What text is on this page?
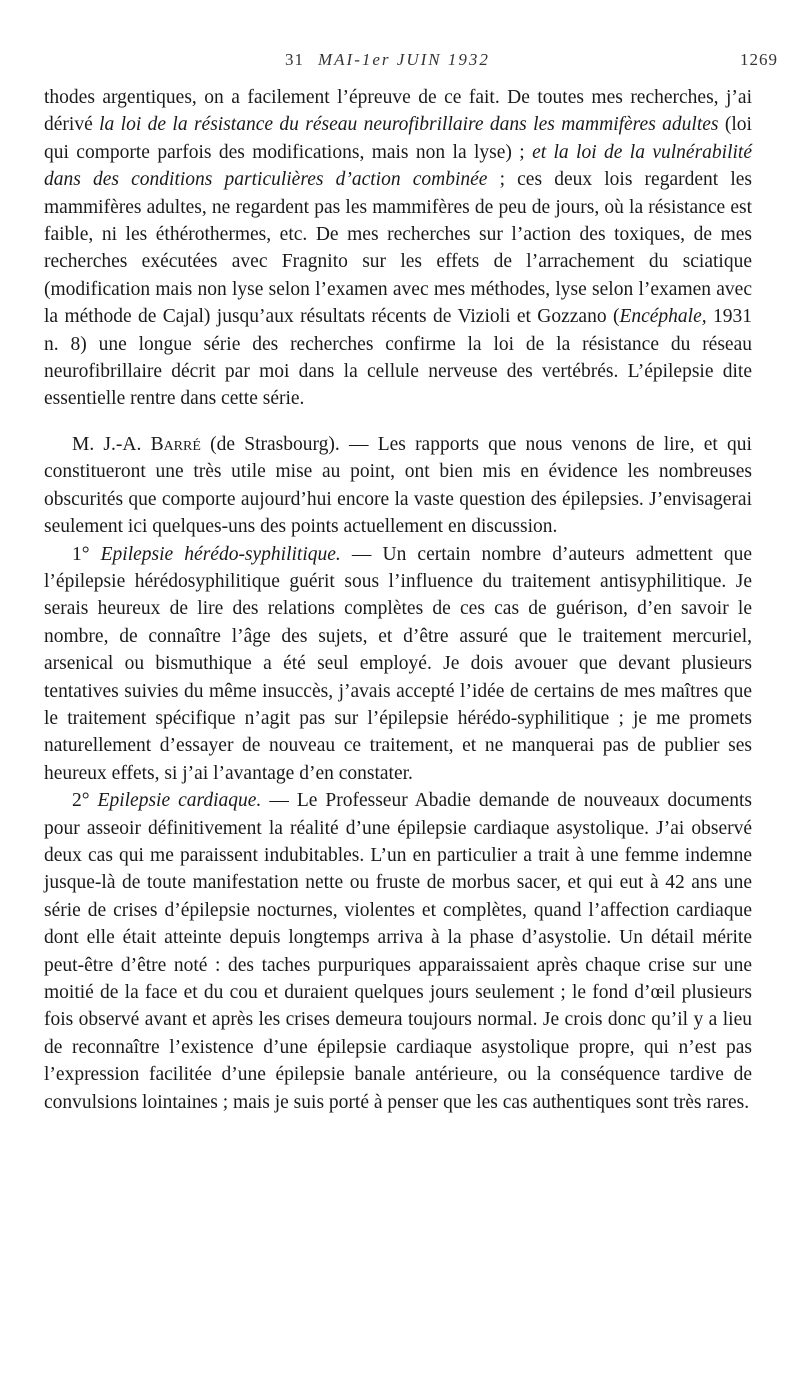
31 MAI-1er JUIN 1932	1269

thodes argentiques, on a facilement l’épreuve de ce fait. De toutes mes recherches, j’ai dérivé la loi de la résistance du réseau neurofibrillaire dans les mammifères adultes (loi qui comporte parfois des modifications, mais non la lyse) ; et la loi de la vulnérabilité dans des conditions particulières d’action combinée ; ces deux lois regardent les mammifères adultes, ne regardent pas les mammifères de peu de jours, où la résistance est faible, ni les éthérothermes, etc. De mes recherches sur l’action des toxiques, de mes recherches exécutées avec Fragnito sur les effets de l’arrachement du sciatique (modification mais non lyse selon l’examen avec mes méthodes, lyse selon l’examen avec la méthode de Cajal) jusqu’aux résultats récents de Vizioli et Gozzano (Encéphale, 1931 n. 8) une longue série des recherches confirme la loi de la résistance du réseau neurofibrillaire décrit par moi dans la cellule nerveuse des vertébrés. L’épilepsie dite essentielle rentre dans cette série.

M. J.-A. Barré (de Strasbourg). — Les rapports que nous venons de lire, et qui constitueront une très utile mise au point, ont bien mis en évidence les nombreuses obscurités que comporte aujourd’hui encore la vaste question des épilepsies. J’envisagerai seulement ici quelques-uns des points actuellement en discussion.

1° Epilepsie hérédo-syphilitique. — Un certain nombre d’auteurs admettent que l’épilepsie hérédosyphilitique guérit sous l’influence du traitement antisyphilitique. Je serais heureux de lire des relations complètes de ces cas de guérison, d’en savoir le nombre, de connaître l’âge des sujets, et d’être assuré que le traitement mercuriel, arsenical ou bismuthique a été seul employé. Je dois avouer que devant plusieurs tentatives suivies du même insuccès, j’avais accepté l’idée de certains de mes maîtres que le traitement spécifique n’agit pas sur l’épilepsie hérédo-syphilitique ; je me promets naturellement d’essayer de nouveau ce traitement, et ne manquerai pas de publier ses heureux effets, si j’ai l’avantage d’en constater.

2° Epilepsie cardiaque. — Le Professeur Abadie demande de nouveaux documents pour asseoir définitivement la réalité d’une épilepsie cardiaque asystolique. J’ai observé deux cas qui me paraissent indubitables. L’un en particulier a trait à une femme indemne jusque-là de toute manifestation nette ou fruste de morbus sacer, et qui eut à 42 ans une série de crises d’épilepsie nocturnes, violentes et complètes, quand l’affection cardiaque dont elle était atteinte depuis longtemps arriva à la phase d’asystolie. Un détail mérite peut-être d’être noté : des taches purpuriques apparaissaient après chaque crise sur une moitié de la face et du cou et duraient quelques jours seulement ; le fond d’œil plusieurs fois observé avant et après les crises demeura toujours normal. Je crois donc qu’il y a lieu de reconnaître l’existence d’une épilepsie cardiaque asystolique propre, qui n’est pas l’expression facilitée d’une épilepsie banale antérieure, ou la conséquence tardive de convulsions lointaines ; mais je suis porté à penser que les cas authentiques sont très rares.
